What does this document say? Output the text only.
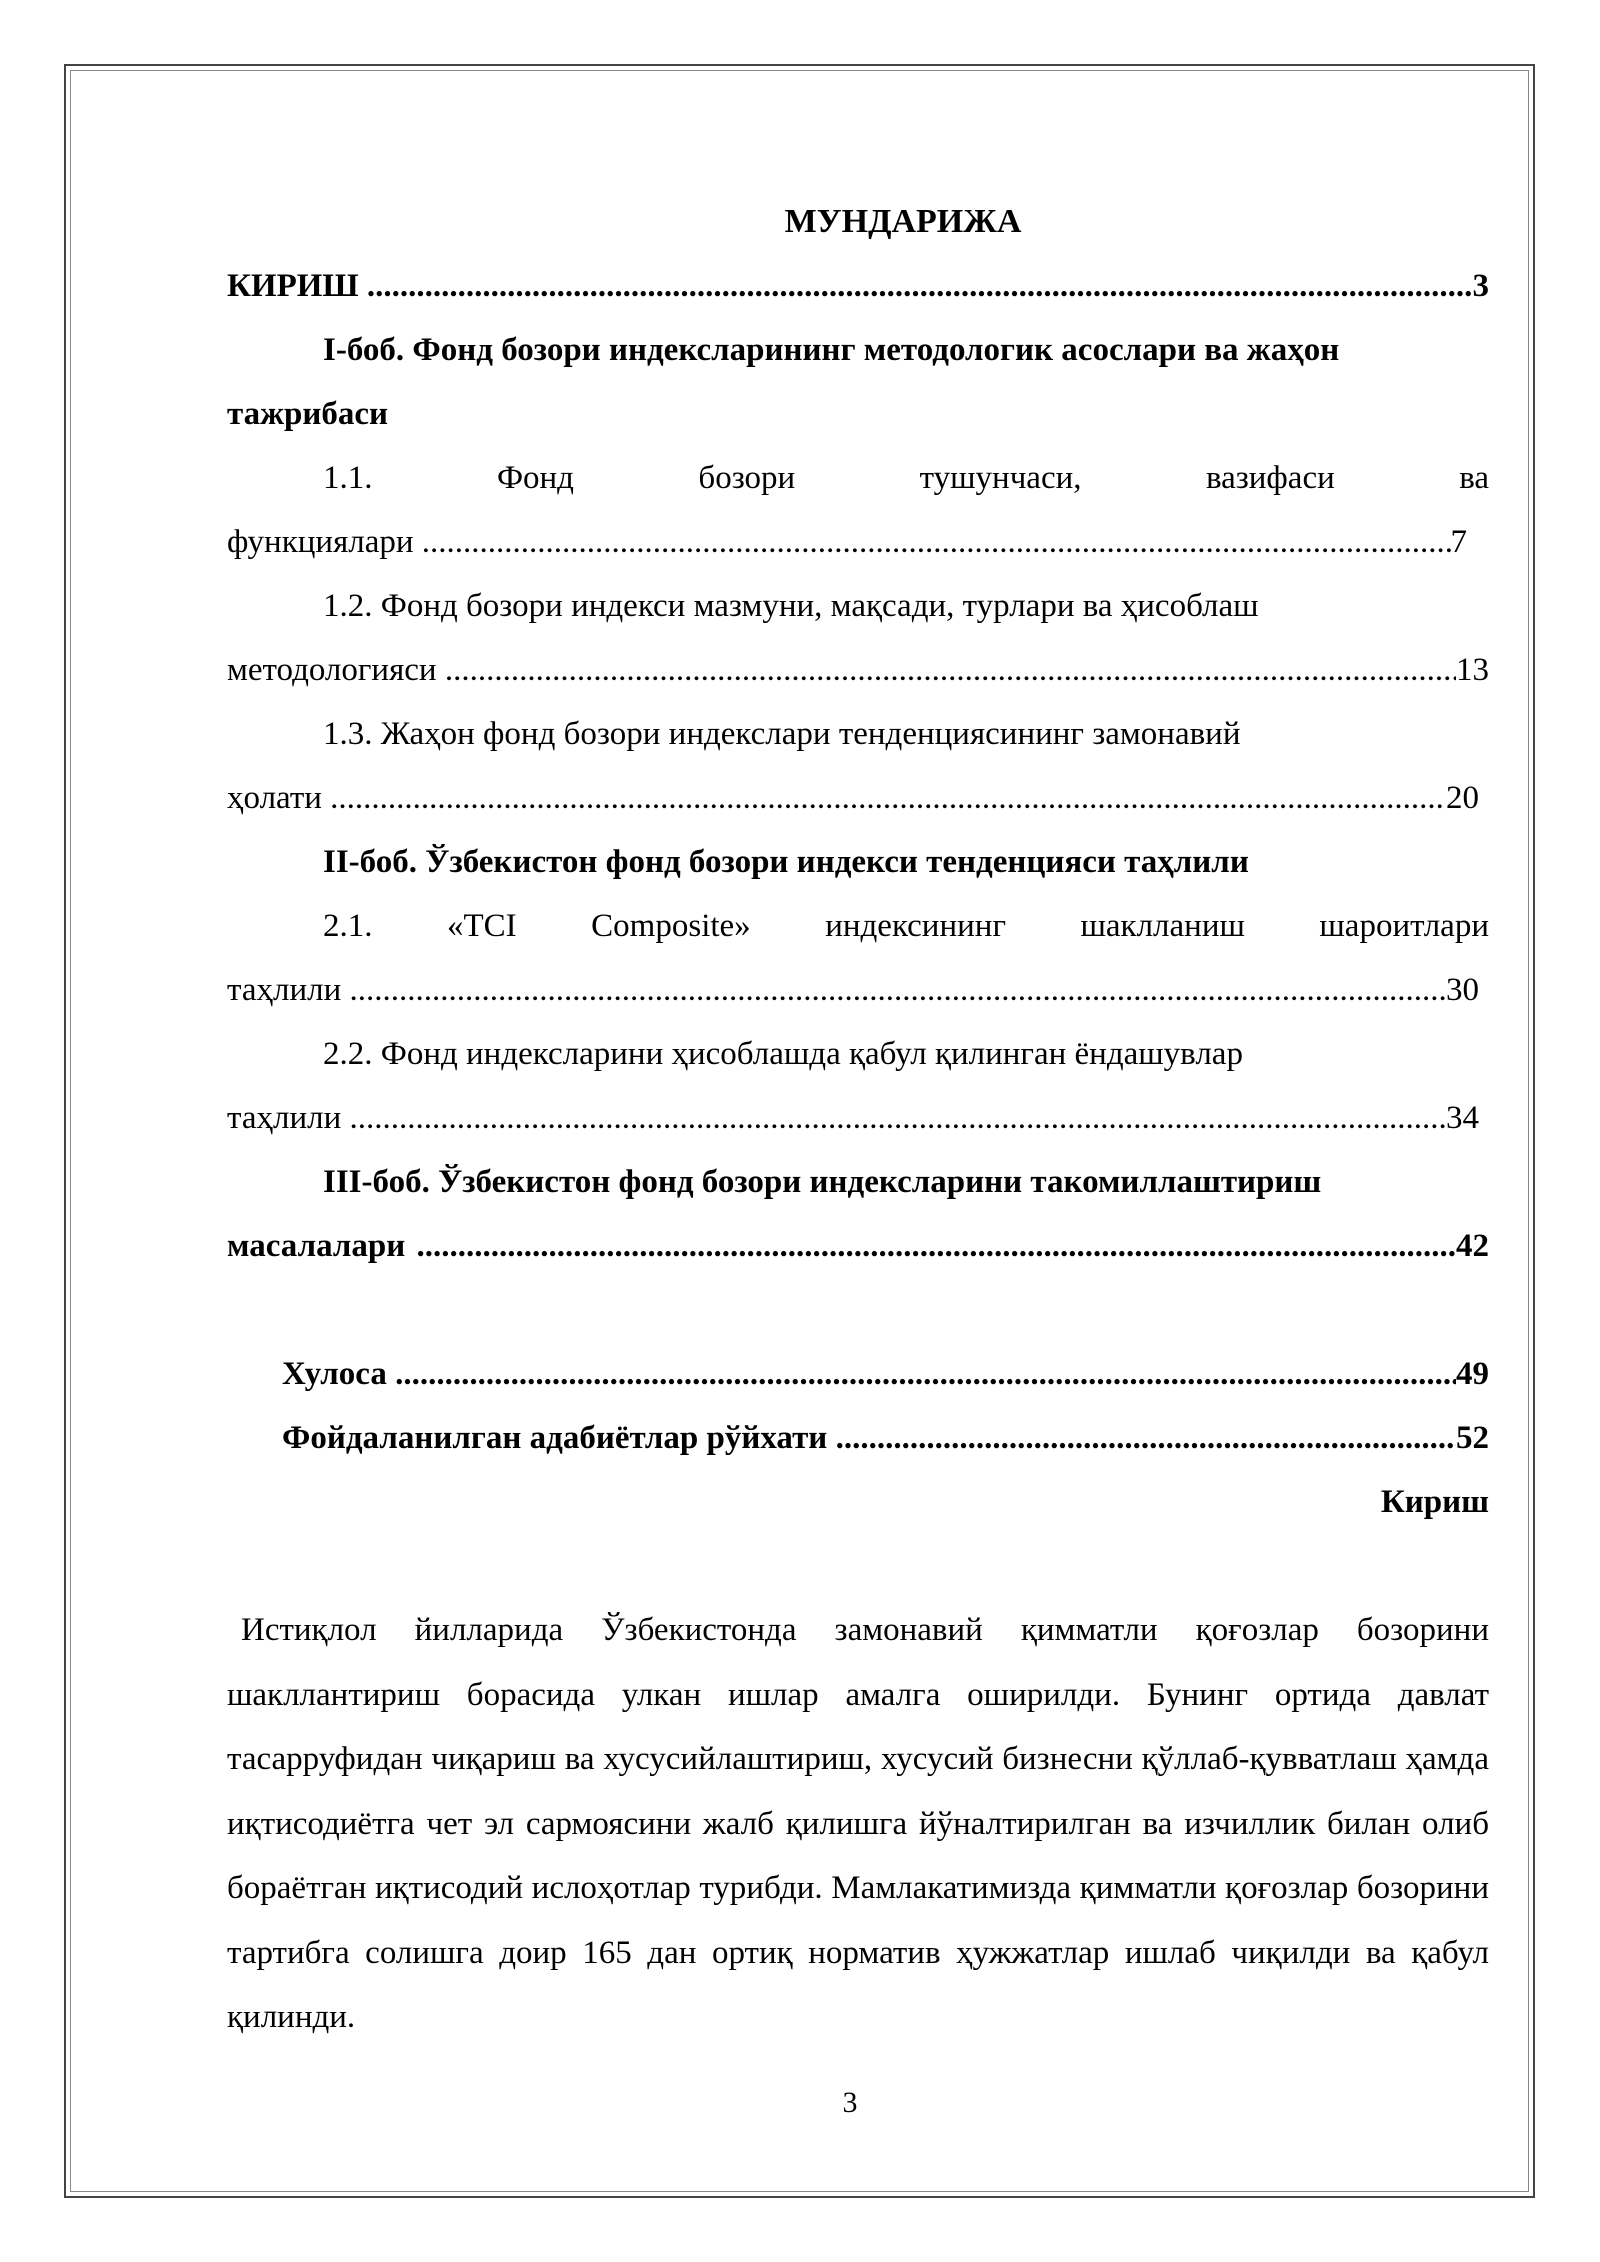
МУНДАРИЖА
КИРИШ .....	3
I-боб. Фонд бозори индексларининг методологик асослари ва жаҳон
тажрибаси
1.1.	Фонд	бозори	тушунчаси,	вазифаси	ва
функциялари .....	7
1.2. Фонд бозори индекси мазмуни, мақсади, турлари ва ҳисоблаш
методологияси .....	13
1.3. Жаҳон фонд бозори индекслари тенденциясининг замонавий
ҳолати .....	20
II-боб. Ўзбекистон фонд бозори индекси тенденцияси таҳлили
2.1. «TCI Composite» индексининг шаклланиш шароитлари
таҳлили .....	30
2.2. Фонд индексларини ҳисоблашда қабул қилинган ёндашувлар
таҳлили .....	34
III-боб. Ўзбекистон фонд бозори индексларини такомиллаштириш
масалалари .....	42
Хулоса .....	49
Фойдаланилган адабиётлар рўйхати .....	52
Кириш
Истиқлол йилларида Ўзбекистонда замонавий қимматли қоғозлар бозорини шакллантириш борасида улкан ишлар амалга оширилди. Бунинг ортида давлат тасарруфидан чиқариш ва хусусийлаштириш, хусусий бизнесни қўллаб-қувватлаш ҳамда иқтисодиётга чет эл сармоясини жалб қилишга йўналтирилган ва изчиллик билан олиб бораётган иқтисодий ислоҳотлар турибди. Мамлакатимизда қимматли қоғозлар бозорини тартибга солишга доир 165 дан ортиқ норматив ҳужжатлар ишлаб чиқилди ва қабул қилинди.
3
